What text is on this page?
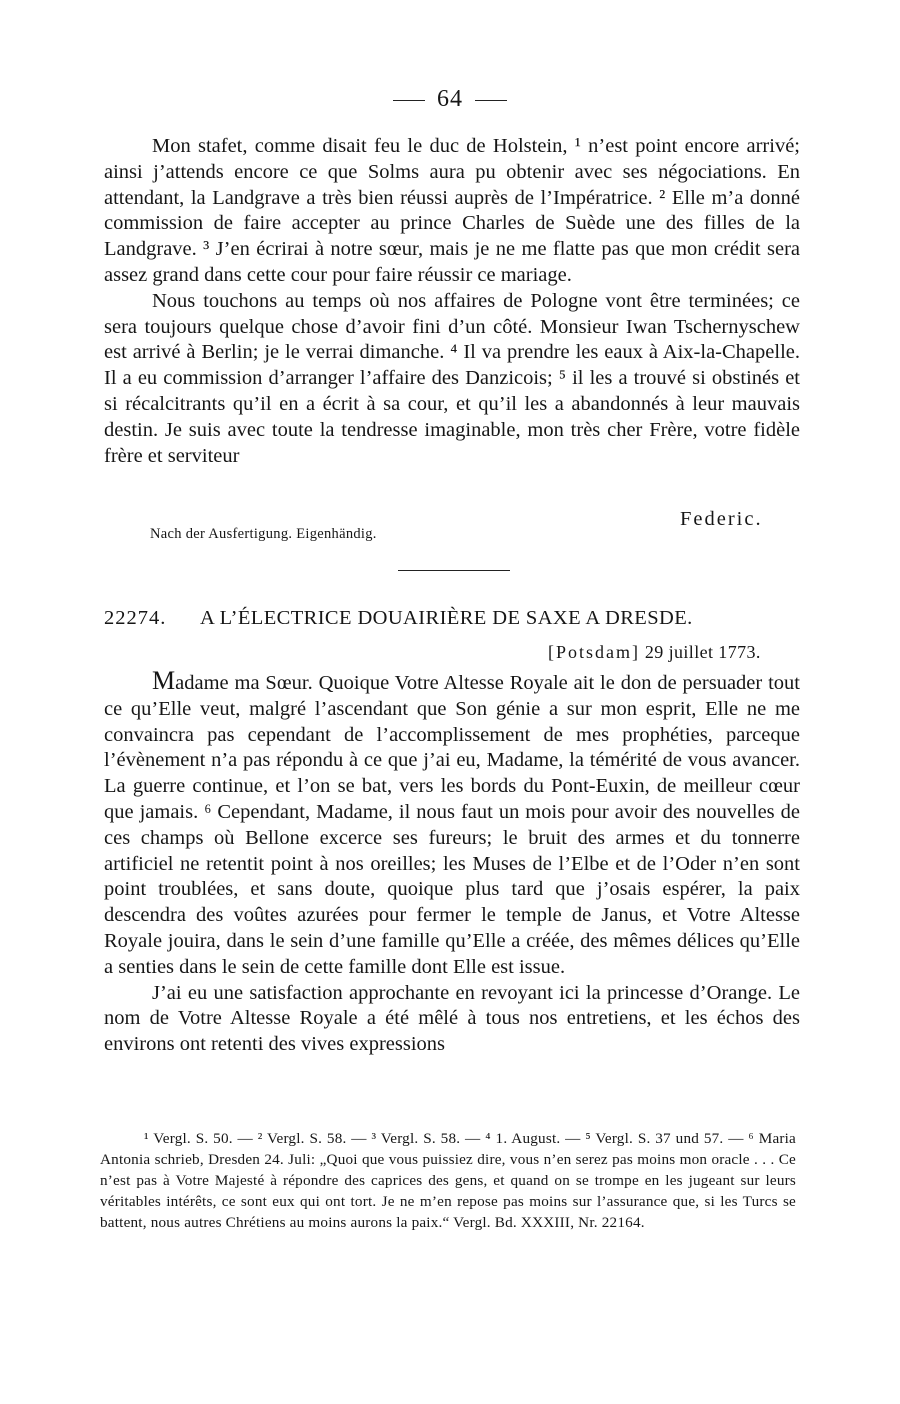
64

Mon stafet, comme disait feu le duc de Holstein, ¹ n’est point encore arrivé; ainsi j’attends encore ce que Solms aura pu obtenir avec ses négociations. En attendant, la Landgrave a très bien réussi auprès de l’Impératrice. ² Elle m’a donné commission de faire accepter au prince Charles de Suède une des filles de la Landgrave. ³ J’en écrirai à notre sœur, mais je ne me flatte pas que mon crédit sera assez grand dans cette cour pour faire réussir ce mariage.

Nous touchons au temps où nos affaires de Pologne vont être terminées; ce sera toujours quelque chose d’avoir fini d’un côté. Monsieur Iwan Tschernyschew est arrivé à Berlin; je le verrai dimanche. ⁴ Il va prendre les eaux à Aix-la-Chapelle. Il a eu commission d’arranger l’affaire des Danzicois; ⁵ il les a trouvé si obstinés et si récalcitrants qu’il en a écrit à sa cour, et qu’il les a abandonnés à leur mauvais destin. Je suis avec toute la tendresse imaginable, mon très cher Frère, votre fidèle frère et serviteur

Federic.
Nach der Ausfertigung. Eigenhändig.
22274.	A L’ÉLECTRICE DOUAIRIÈRE DE SAXE A DRESDE.
[Potsdam] 29 juillet 1773.

Madame ma Sœur. Quoique Votre Altesse Royale ait le don de persuader tout ce qu’Elle veut, malgré l’ascendant que Son génie a sur mon esprit, Elle ne me convaincra pas cependant de l’accomplissement de mes prophéties, parceque l’évènement n’a pas répondu à ce que j’ai eu, Madame, la témérité de vous avancer. La guerre continue, et l’on se bat, vers les bords du Pont-Euxin, de meilleur cœur que jamais. ⁶ Cependant, Madame, il nous faut un mois pour avoir des nouvelles de ces champs où Bellone excerce ses fureurs; le bruit des armes et du tonnerre artificiel ne retentit point à nos oreilles; les Muses de l’Elbe et de l’Oder n’en sont point troublées, et sans doute, quoique plus tard que j’osais espérer, la paix descendra des voûtes azurées pour fermer le temple de Janus, et Votre Altesse Royale jouira, dans le sein d’une famille qu’Elle a créée, des mêmes délices qu’Elle a senties dans le sein de cette famille dont Elle est issue.

J’ai eu une satisfaction approchante en revoyant ici la princesse d’Orange. Le nom de Votre Altesse Royale a été mêlé à tous nos entretiens, et les échos des environs ont retenti des vives expressions

¹ Vergl. S. 50. — ² Vergl. S. 58. — ³ Vergl. S. 58. — ⁴ 1. August. — ⁵ Vergl. S. 37 und 57. — ⁶ Maria Antonia schrieb, Dresden 24. Juli: „Quoi que vous puissiez dire, vous n’en serez pas moins mon oracle . . . Ce n’est pas à Votre Majesté à répondre des caprices des gens, et quand on se trompe en les jugeant sur leurs véritables intérêts, ce sont eux qui ont tort. Je ne m’en repose pas moins sur l’assurance que, si les Turcs se battent, nous autres Chrétiens au moins aurons la paix.“ Vergl. Bd. XXXIII, Nr. 22164.
